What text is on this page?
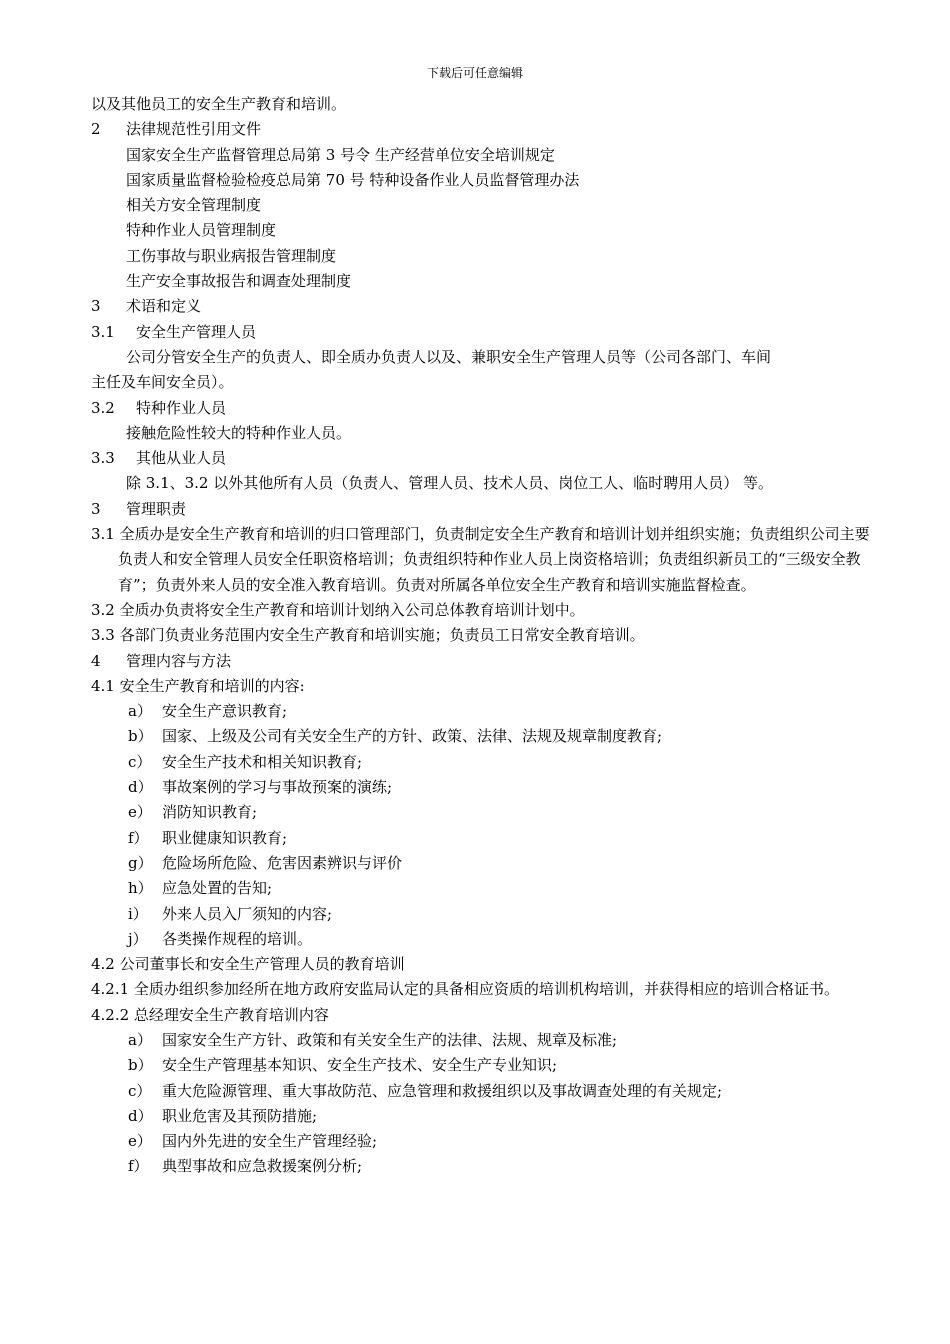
下载后可任意编辑
以及其他员工的安全生产教育和培训。
2 法律规范性引用文件
国家安全生产监督管理总局第 3 号令 生产经营单位安全培训规定
国家质量监督检验检疫总局第 70 号 特种设备作业人员监督管理办法
相关方安全管理制度
特种作业人员管理制度
工伤事故与职业病报告管理制度
生产安全事故报告和调查处理制度
3 术语和定义
3.1 安全生产管理人员
公司分管安全生产的负责人、即全质办负责人以及、兼职安全生产管理人员等（公司各部门、车间
主任及车间安全员）。
3.2 特种作业人员
接触危险性较大的特种作业人员。
3.3 其他从业人员
除 3.1、3.2 以外其他所有人员（负责人、管理人员、技术人员、岗位工人、临时聘用人员） 等。
3 管理职责
3.1 全质办是安全生产教育和培训的归口管理部门，负责制定安全生产教育和培训计划并组织实施；负责组织公司主要负责人和安全管理人员安全任职资格培训；负责组织特种作业人员上岗资格培训；负责组织新员工的“三级安全教育”；负责外来人员的安全准入教育培训。负责对所属各单位安全生产教育和培训实施监督检查。
3.2 全质办负责将安全生产教育和培训计划纳入公司总体教育培训计划中。
3.3 各部门负责业务范围内安全生产教育和培训实施；负责员工日常安全教育培训。
4 管理内容与方法
4.1 安全生产教育和培训的内容:
a） 安全生产意识教育;
b） 国家、上级及公司有关安全生产的方针、政策、法律、法规及规章制度教育;
c） 安全生产技术和相关知识教育;
d） 事故案例的学习与事故预案的演练;
e） 消防知识教育;
f） 职业健康知识教育;
g） 危险场所危险、危害因素辨识与评价
h） 应急处置的告知;
i） 外来人员入厂须知的内容;
j） 各类操作规程的培训。
4.2 公司董事长和安全生产管理人员的教育培训
4.2.1 全质办组织参加经所在地方政府安监局认定的具备相应资质的培训机构培训，并获得相应的培训合格证书。
4.2.2 总经理安全生产教育培训内容
a） 国家安全生产方针、政策和有关安全生产的法律、法规、规章及标准;
b） 安全生产管理基本知识、安全生产技术、安全生产专业知识;
c） 重大危险源管理、重大事故防范、应急管理和救援组织以及事故调查处理的有关规定;
d） 职业危害及其预防措施;
e） 国内外先进的安全生产管理经验;
f） 典型事故和应急救援案例分析;
